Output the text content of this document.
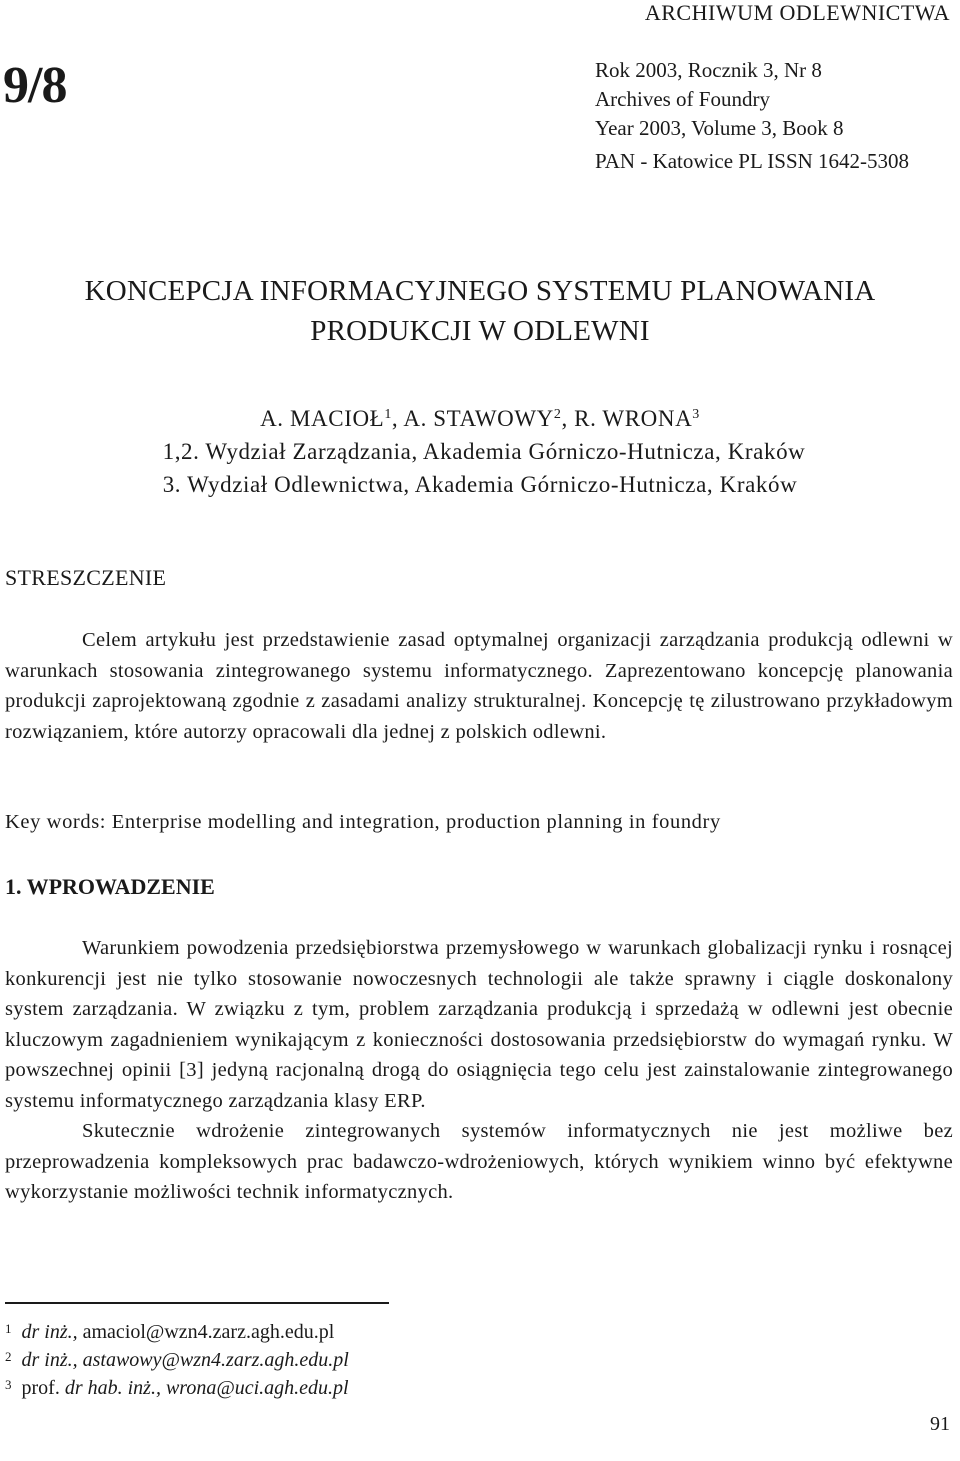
ARCHIWUM ODLEWNICTWA
9/8	Rok 2003, Rocznik 3, Nr 8
Archives of Foundry
Year 2003, Volume 3, Book 8
PAN - Katowice PL ISSN 1642-5308
KONCEPCJA INFORMACYJNEGO SYSTEMU PLANOWANIA
PRODUKCJI W ODLEWNI
A. MACIOŁ$^1$, A. STAWOWY$^2$, R. WRONA$^3$
1,2. Wydział Zarządzania, Akademia Górniczo-Hutnicza, Kraków
3. Wydział Odlewnictwa, Akademia Górniczo-Hutnicza, Kraków
STRESZCZENIE

Celem artykułu jest przedstawienie zasad optymalnej organizacji zarządzania produkcją odlewni w warunkach stosowania zintegrowanego systemu informatycznego. Zaprezentowano koncepcję planowania produkcji zaprojektowaną zgodnie z zasadami analizy strukturalnej. Koncepcję tę zilustrowano przykładowym rozwiązaniem, które autorzy opracowali dla jednej z polskich odlewni.

Key words: Enterprise modelling and integration, production planning in foundry
1. WPROWADZENIE

Warunkiem powodzenia przedsiębiorstwa przemysłowego w warunkach globalizacji rynku i rosnącej konkurencji jest nie tylko stosowanie nowoczesnych technologii ale także sprawny i ciągle doskonalony system zarządzania. W związku z tym, problem zarządzania produkcją i sprzedażą w odlewni jest obecnie kluczowym zagadnieniem wynikającym z konieczności dostosowania przedsiębiorstw do wymagań rynku. W powszechnej opinii [3] jedyną racjonalną drogą do osiągnięcia tego celu jest zainstalowanie zintegrowanego systemu informatycznego zarządzania klasy ERP.

Skutecznie wdrożenie zintegrowanych systemów informatycznych nie jest możliwe bez przeprowadzenia kompleksowych prac badawczo-wdrożeniowych, których wynikiem winno być efektywne wykorzystanie możliwości technik informatycznych.

$^1$ dr inż., amaciol@wzn4.zarz.agh.edu.pl
$^2$ dr inż., astawowy@wzn4.zarz.agh.edu.pl
$^3$ prof. dr hab. inż., wrona@uci.agh.edu.pl
91
